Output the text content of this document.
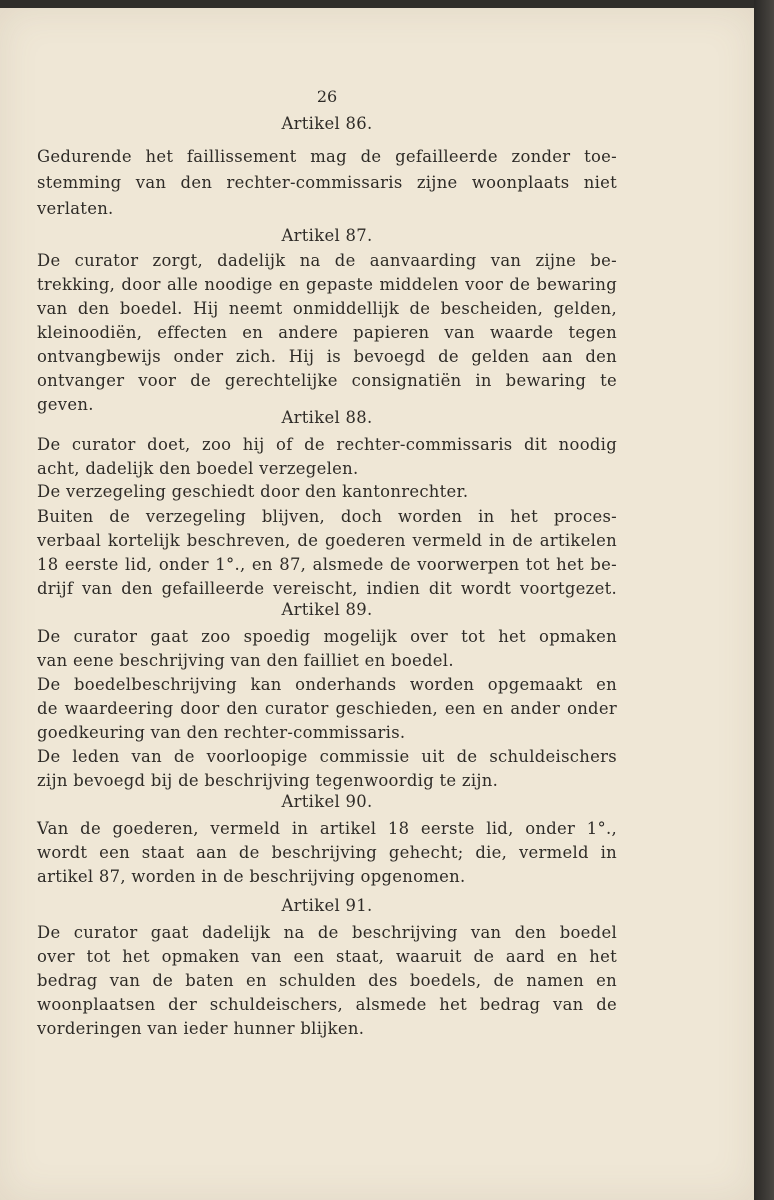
26
Artikel 86.
Gedurende het faillissement mag de gefailleerde zonder toe-
stemming van den rechter-commissaris zijne woonplaats niet
verlaten.
Artikel 87.
De curator zorgt, dadelijk na de aanvaarding van zijne be-
trekking, door alle noodige en gepaste middelen voor de bewaring
van den boedel. Hij neemt onmiddellijk de bescheiden, gelden,
kleinoodiën, effecten en andere papieren van waarde tegen
ontvangbewijs onder zich. Hij is bevoegd de gelden aan den
ontvanger voor de gerechtelijke consignatiën in bewaring te
geven.
Artikel 88.
De curator doet, zoo hij of de rechter-commissaris dit noodig
acht, dadelijk den boedel verzegelen.
De verzegeling geschiedt door den kantonrechter.
Buiten de verzegeling blijven, doch worden in het proces-
verbaal kortelijk beschreven, de goederen vermeld in de artikelen
18 eerste lid, onder 1°., en 87, alsmede de voorwerpen tot het be-
drijf van den gefailleerde vereischt, indien dit wordt voortgezet.
Artikel 89.
De curator gaat zoo spoedig mogelijk over tot het opmaken
van eene beschrijving van den failliet en boedel.
De boedelbeschrijving kan onderhands worden opgemaakt en
de waardeering door den curator geschieden, een en ander onder
goedkeuring van den rechter-commissaris.
De leden van de voorloopige commissie uit de schuldeischers
zijn bevoegd bij de beschrijving tegenwoordig te zijn.
Artikel 90.
Van de goederen, vermeld in artikel 18 eerste lid, onder 1°.,
wordt een staat aan de beschrijving gehecht; die, vermeld in
artikel 87, worden in de beschrijving opgenomen.
Artikel 91.
De curator gaat dadelijk na de beschrijving van den boedel
over tot het opmaken van een staat, waaruit de aard en het
bedrag van de baten en schulden des boedels, de namen en
woonplaatsen der schuldeischers, alsmede het bedrag van de
vorderingen van ieder hunner blijken.
